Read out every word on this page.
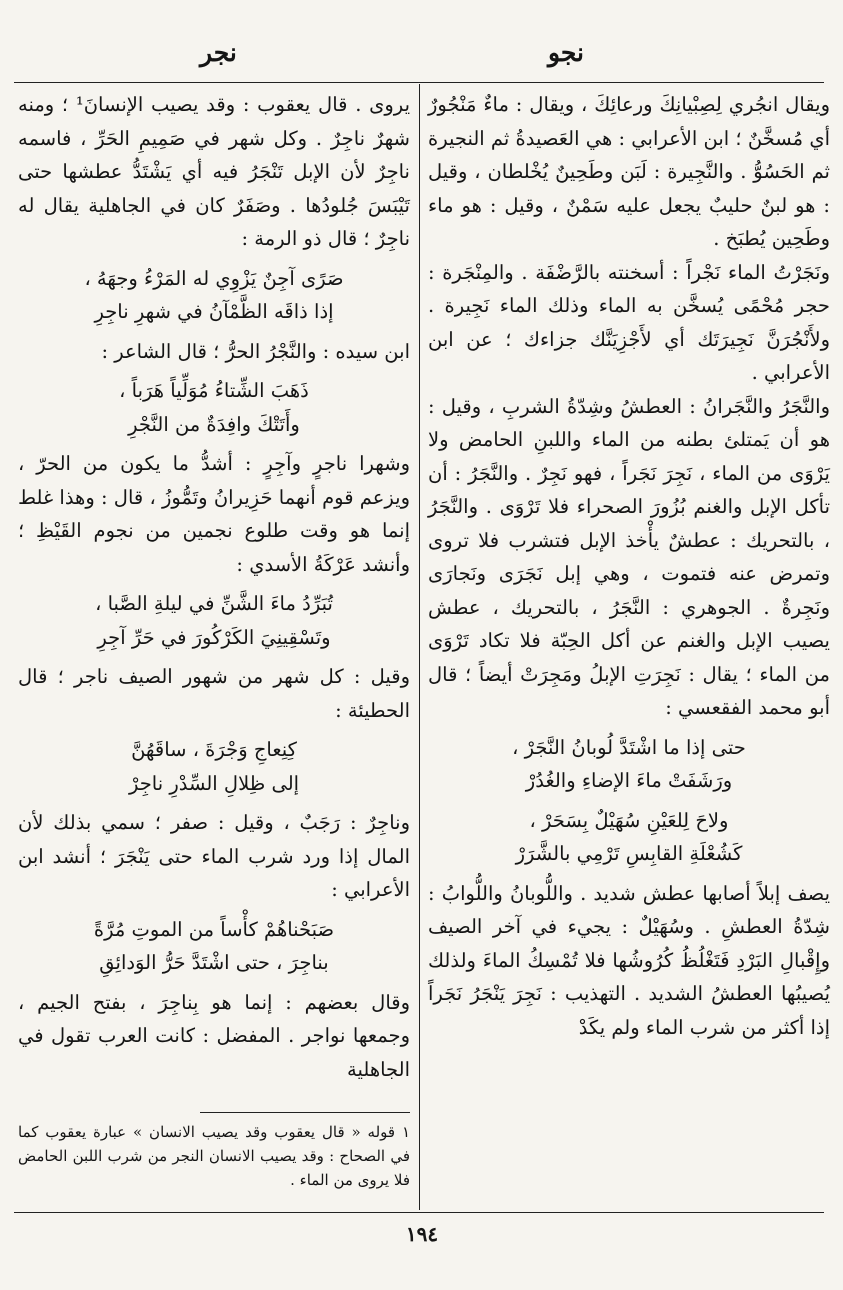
نجو
نجر

ويقال انجُري لِصِبْيانِكَ ورعائِكَ ، ويقال : ماءٌ مَنْجُورٌ أي مُسخَّنٌ ؛ ابن الأعرابي : هي العَصيدةُ ثم النجيرة ثم الحَسُوُّ . والنَّجِيرة : لَبَن وطَحِينٌ يُخْلطان ، وقيل : هو لبنٌ حليبٌ يجعل عليه سَمْنٌ ، وقيل : هو ماء وطَحِين يُطبَخ .

ونَجَرْتُ الماء نَجْراً : أسخنته بالرَّضْفَة . والمِنْجَرة : حجر مُحْمًى يُسخَّن به الماء وذلك الماء نَجِيرة . ولأَنْجُرَنَّ نَجِيرَتَك أي لأَجْزِيَنَّك جزاءك ؛ عن ابن الأعرابي .

والنَّجَرُ والنَّجَرانُ : العطشُ وشِدّةُ الشربِ ، وقيل : هو أن يَمتلئ بطنه من الماء واللبنِ الحامض ولا يَرْوَى من الماء ، نَجِرَ نَجَراً ، فهو نَجِرٌ . والنَّجَرُ : أن تأكل الإبل والغنم بُزُورَ الصحراء فلا تَرْوَى . والنَّجَرُ ، بالتحريك : عطشٌ يأْخذ الإبل فتشرب فلا تروى وتمرض عنه فتموت ، وهي إبل نَجَرَى ونَجارَى ونَجِرةٌ . الجوهري : النَّجَرُ ، بالتحريك ، عطش يصيب الإبل والغنم عن أكل الحِبّة فلا تكاد تَرْوَى من الماء ؛ يقال : نَجِرَتِ الإبلُ ومَجِرَتْ أيضاً ؛ قال أبو محمد الفقعسي :

حتى إذا ما اشْتَدَّ لُوبانُ النَّجَرْ ،

ورَشَفَتْ ماءَ الإضاءِ والغُدُرْ

ولاحَ لِلعَيْنِ سُهَيْلٌ بِسَحَرْ ،

كَشُعْلَةِ القابِسِ تَرْمِي بالشَّرَرْ

يصف إبلاً أصابها عطش شديد . واللُّوبانُ واللُّوابُ : شِدّةُ العطشِ . وسُهَيْلٌ : يجيء في آخر الصيف وإِقْبالِ البَرْدِ فَتَغْلُظُ كُرُوشُها فلا تُمْسِكُ الماءَ ولذلك يُصيبُها العطشُ الشديد . التهذيب : نَجِرَ يَنْجَرُ نَجَراً إذا أكثر من شرب الماء ولم يكَدْ

يروى . قال يعقوب : وقد يصيب الإنسانَ¹ ؛ ومنه شهرٌ ناجِرٌ . وكل شهر في صَمِيمِ الحَرِّ ، فاسمه ناجِرٌ لأن الإبل تَنْجَرُ فيه أي يَشْتَدُّ عطشها حتى تَيْبَسَ جُلودُها . وصَفَرٌ كان في الجاهلية يقال له ناجِرٌ ؛ قال ذو الرمة :

صَرًى آجِنٌ يَزْوِي له المَرْءُ وجهَهُ ،

إذا ذاقَه الظَّمْآنُ في شهرِ ناجِرِ

ابن سيده : والنَّجْرُ الحرُّ ؛ قال الشاعر :

ذَهَبَ الشِّتاءُ مُوَلِّياً هَرَباً ،

وأَتَتْكَ وافِدَةٌ من النَّجْرِ

وشهرا ناجرٍ وآجِرٍ : أشدُّ ما يكون من الحرّ ، ويزعم قوم أنهما حَزِيرانُ وتَمُّوزُ ، قال : وهذا غلط إنما هو وقت طلوع نجمين من نجوم القَيْظِ ؛ وأنشد عَرْكَةُ الأسدي :

تُبَرِّدُ ماءَ الشَّنِّ في ليلةِ الصَّبا ،

وتَسْقِينِيَ الكَرْكُورَ في حَرِّ آجِرِ

وقيل : كل شهر من شهور الصيف ناجر ؛ قال الحطيئة :

كِنِعاجِ وَجْرَةَ ، ساقَهُنَّ

إلى ظِلالِ السِّدْرِ ناجِرْ

وناجِرٌ : رَجَبٌ ، وقيل : صفر ؛ سمي بذلك لأن المال إذا ورد شرب الماء حتى يَنْجَرَ ؛ أنشد ابن الأعرابي :

صَبَحْناهُمْ كأْساً من الموتِ مُرَّةً

بناجِرَ ، حتى اشْتَدَّ حَرُّ الوَدائِقِ

وقال بعضهم : إنما هو بِناجِرَ ، بفتح الجيم ، وجمعها نواجر . المفضل : كانت العرب تقول في الجاهلية

١ قوله « قال يعقوب وقد يصيب الانسان » عبارة يعقوب كما في الصحاح : وقد يصيب الانسان النجر من شرب اللبن الحامض فلا يروى من الماء .
١٩٤
